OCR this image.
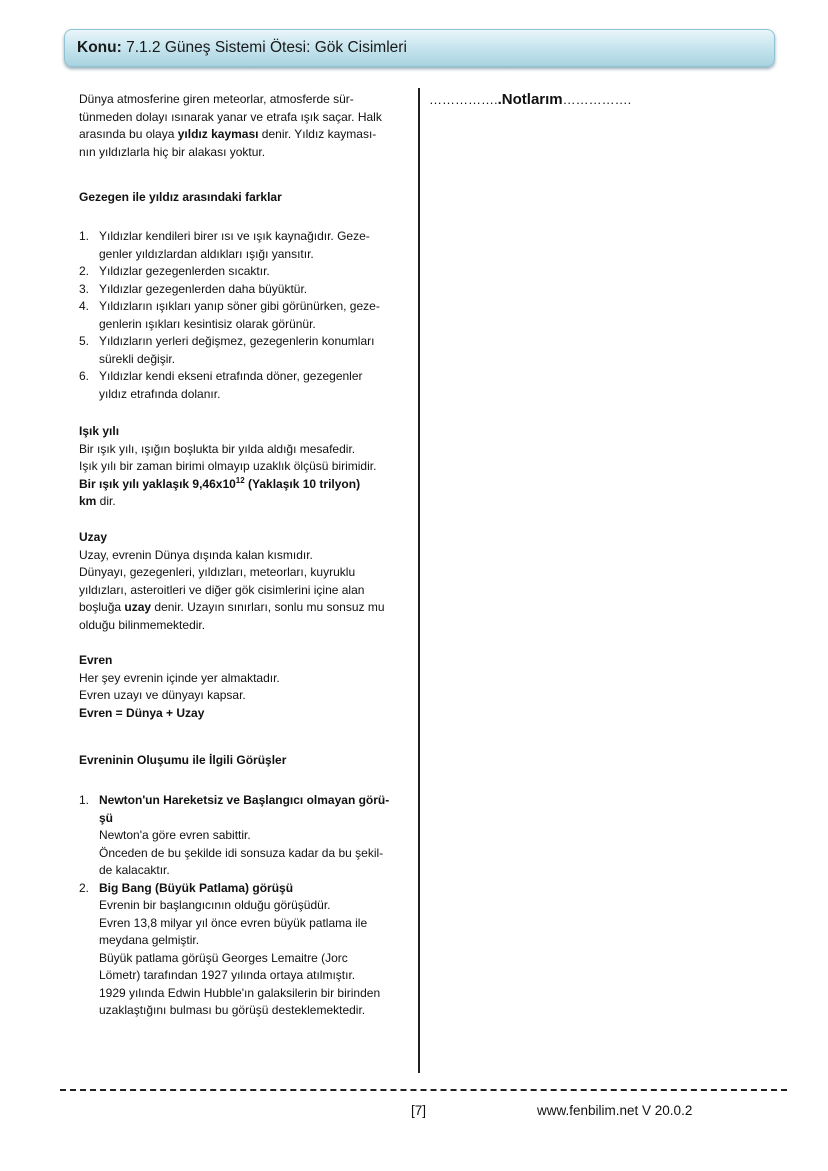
Konu: 7.1.2 Güneş Sistemi Ötesi: Gök Cisimleri
……………..Notlarım…………….
Dünya atmosferine giren meteorlar, atmosferde sür-
tünmeden dolayı ısınarak yanar ve etrafa ışık saçar. Halk
arasında bu olaya yıldız kayması denir. Yıldız kayması-
nın yıldızlarla hiç bir alakası yoktur.
Gezegen ile yıldız arasındaki farklar
1. Yıldızlar kendileri birer ısı ve ışık kaynağıdır. Geze-
genler yıldızlardan aldıkları ışığı yansıtır.
2. Yıldızlar gezegenlerden sıcaktır.
3. Yıldızlar gezegenlerden daha büyüktür.
4. Yıldızların ışıkları yanıp söner gibi görünürken, geze-
genlerin ışıkları kesintisiz olarak görünür.
5. Yıldızların yerleri değişmez, gezegenlerin konumları
sürekli değişir.
6. Yıldızlar kendi ekseni etrafında döner, gezegenler
yıldız etrafında dolanır.
Işık yılı
Bir ışık yılı, ışığın boşlukta bir yılda aldığı mesafedir.
Işık yılı bir zaman birimi olmayıp uzaklık ölçüsü birimidir.
Bir ışık yılı yaklaşık $9,46x10^{12}$ (Yaklaşık 10 trilyon)
km dir.
Uzay
Uzay, evrenin Dünya dışında kalan kısmıdır.
Dünyayı, gezegenleri, yıldızları, meteorları, kuyruklu
yıldızları, asteroitleri ve diğer gök cisimlerini içine alan
boşluğa uzay denir. Uzayın sınırları, sonlu mu sonsuz mu
olduğu bilinmemektedir.
Evren
Her şey evrenin içinde yer almaktadır.
Evren uzayı ve dünyayı kapsar.
Evren = Dünya + Uzay
Evreninin Oluşumu ile İlgili Görüşler
1. Newton'un Hareketsiz ve Başlangıcı olmayan görü-
şü
Newton'a göre evren sabittir.
Önceden de bu şekilde idi sonsuza kadar da bu şekil-
de kalacaktır.
2. Big Bang (Büyük Patlama) görüşü
Evrenin bir başlangıcının olduğu görüşüdür.
Evren 13,8 milyar yıl önce evren büyük patlama ile
meydana gelmiştir.
Büyük patlama görüşü Georges Lemaitre (Jorc
Lömetr) tarafından 1927 yılında ortaya atılmıştır.
1929 yılında Edwin Hubble'ın galaksilerin bir birinden
uzaklaştığını bulması bu görüşü desteklemektedir.
[7]	www.fenbilim.net V 20.0.2
